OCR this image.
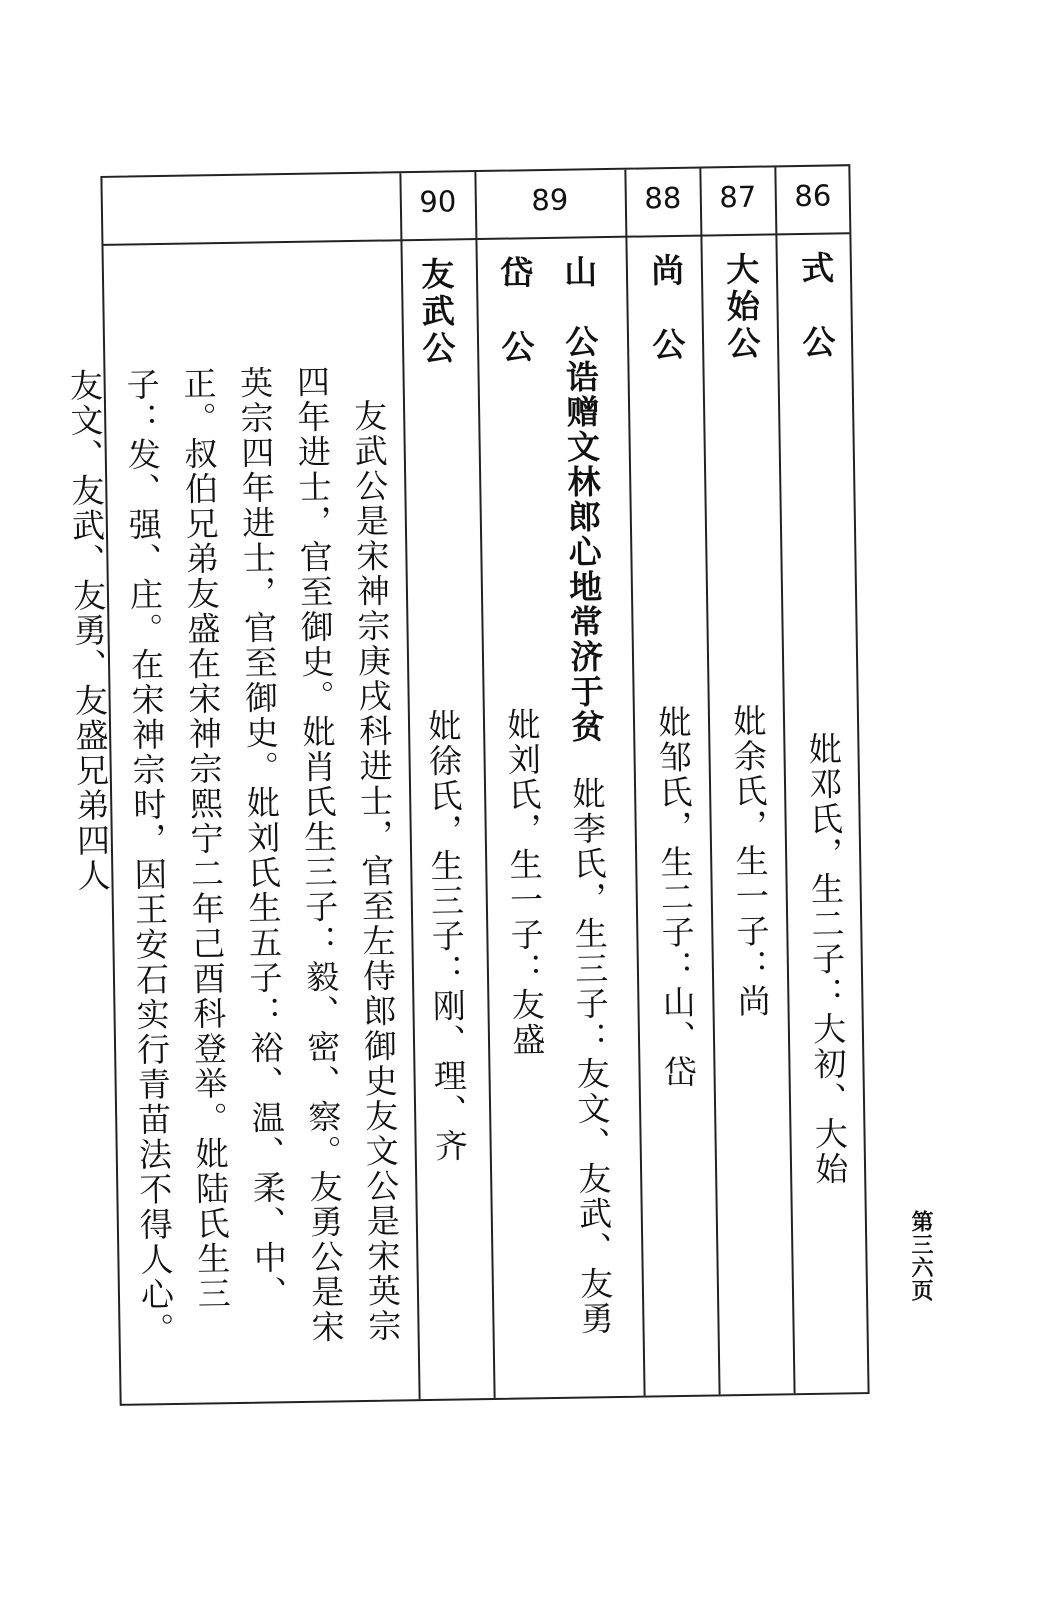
86
式　公
妣邓氏，生二子：大初、大始
87
大始公
妣余氏，生一子：尚
88
尚　公
妣邹氏，生二子：山、岱
89
山　公诰赠文林郎心地常济于贫
妣李氏，生三子：友文、友武、友勇
岱　公
妣刘氏，生一子：友盛
90
友武公
妣徐氏，生三子：刚、理、齐
　友武公是宋神宗庚戌科进士，官至左侍郎御史友文公是宋英宗四年进士，官至御史。妣肖氏生三子：毅、密、察。友勇公是宋英宗四年进士，官至御史。妣刘氏生五子：裕、温、柔、中、正。叔伯兄弟友盛在宋神宗熙宁二年己酉科登举。妣陆氏生三子：发、强、庄。在宋神宗时，因王安石实行青苗法不得人心。友文、友武、友勇、友盛兄弟四人
第三六页
